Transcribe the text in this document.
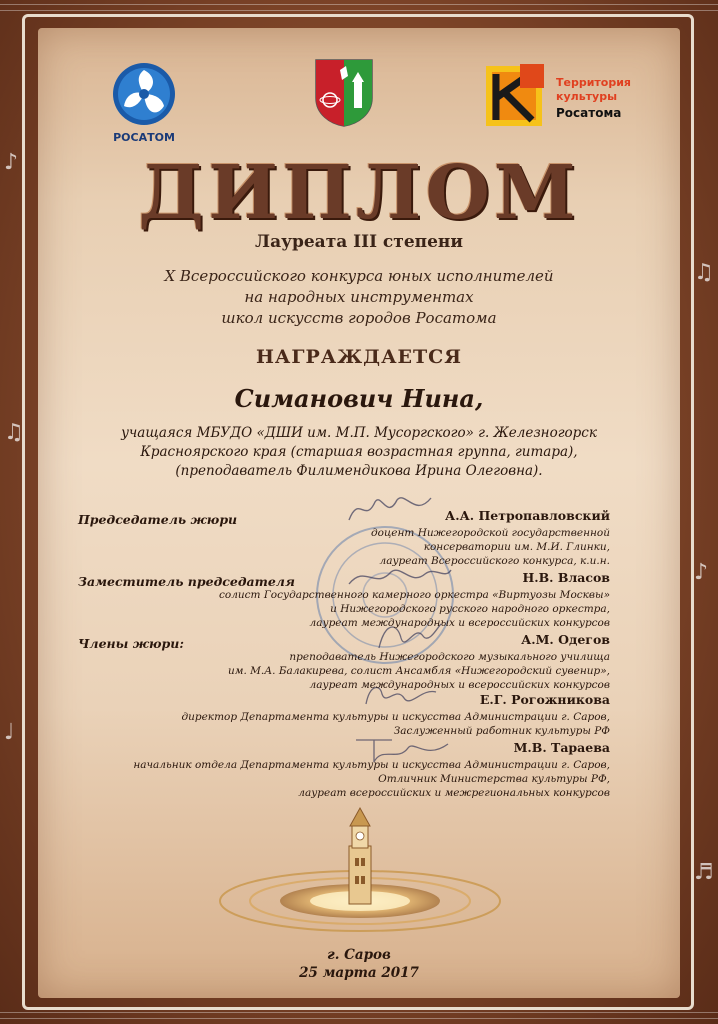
♪
♫
♩
♫
♪
♬
РОСАТОМ
Территория
культуры
Росатома
ДИПЛОМ
Лауреата III степени
X Всероссийского конкурса юных исполнителей
на народных инструментах
школ искусств городов Росатома
НАГРАЖДАЕТСЯ
Симанович Нина,
учащаяся МБУДО «ДШИ им. М.П. Мусоргского» г. Железногорск
Красноярского края (старшая возрастная группа, гитара),
(преподаватель Филимендикова Ирина Олеговна).
Председатель жюри	А.А. Петропавловский
доцент Нижегородской государственной
консерватории им. М.И. Глинки,
лауреат Всероссийского конкурса, к.и.н.
Заместитель председателя	Н.В. Власов
солист Государственного камерного оркестра «Виртуозы Москвы»
и Нижегородского русского народного оркестра,
лауреат международных и всероссийских конкурсов
Члены жюри:	А.М. Одегов
преподаватель Нижегородского музыкального училища
им. М.А. Балакирева, солист Ансамбля «Нижегородский сувенир»,
лауреат международных и всероссийских конкурсов
Е.Г. Рогожникова
директор Департамента культуры и искусства Администрации г. Саров,
Заслуженный работник культуры РФ
М.В. Тараева
начальник отдела Департамента культуры и искусства Администрации г. Саров,
Отличник Министерства культуры РФ,
лауреат всероссийских и межрегиональных конкурсов
г. Саров
25 марта 2017
